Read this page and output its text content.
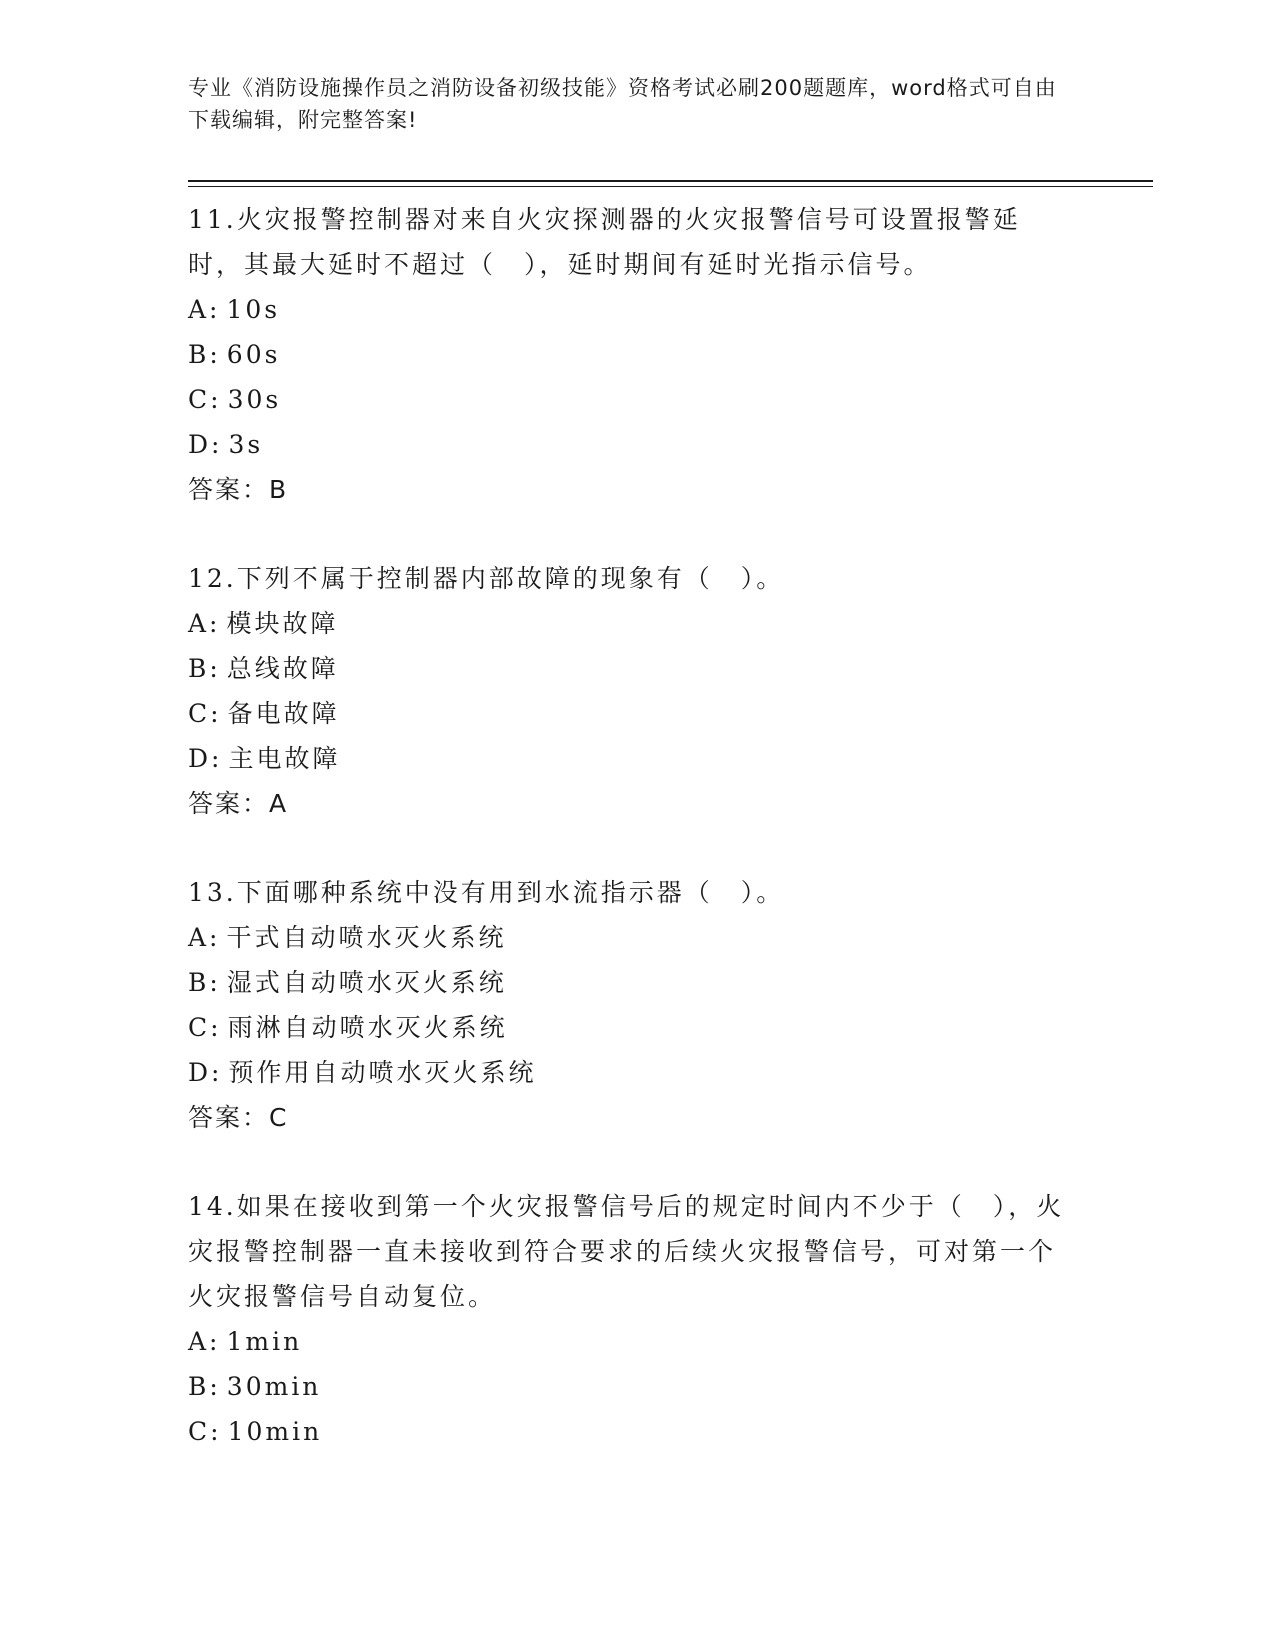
专业《消防设施操作员之消防设备初级技能》资格考试必刷200题题库，word格式可自由下载编辑，附完整答案!

11.火灾报警控制器对来自火灾探测器的火灾报警信号可设置报警延时，其最大延时不超过（　），延时期间有延时光指示信号。

A: 10s

B: 60s

C: 30s

D: 3s

答案：B

12.下列不属于控制器内部故障的现象有（　）。

A: 模块故障

B: 总线故障

C: 备电故障

D: 主电故障

答案：A

13.下面哪种系统中没有用到水流指示器（　）。

A: 干式自动喷水灭火系统

B: 湿式自动喷水灭火系统

C: 雨淋自动喷水灭火系统

D: 预作用自动喷水灭火系统

答案：C

14.如果在接收到第一个火灾报警信号后的规定时间内不少于（　），火灾报警控制器一直未接收到符合要求的后续火灾报警信号，可对第一个火灾报警信号自动复位。

A: 1min

B: 30min

C: 10min
